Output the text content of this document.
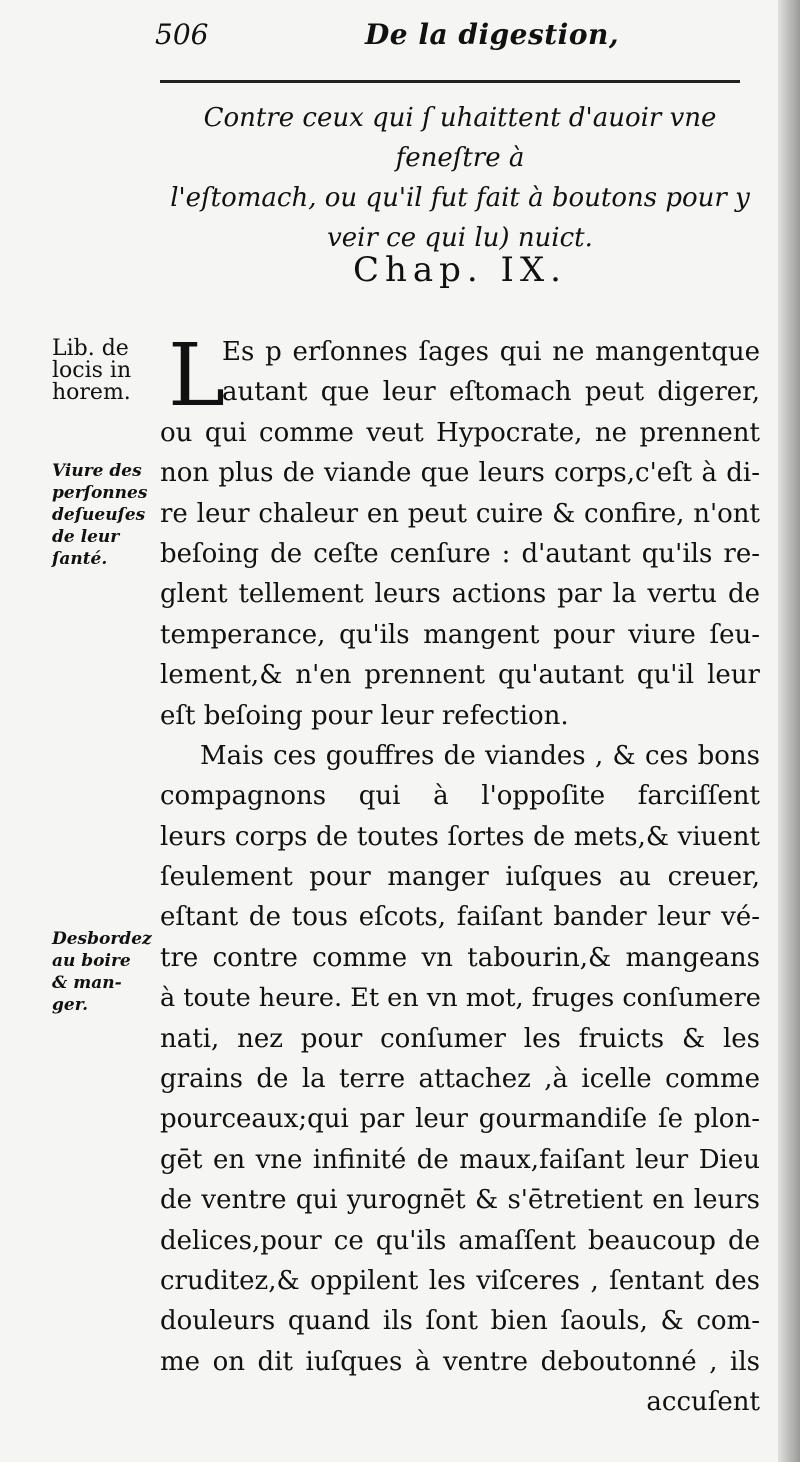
506	De la digestion,
Contre ceux qui ſ uhaittent d'auoir vne feneſtre à
l'eſtomach, ou qu'il fut fait à boutons pour y
veir ce qui lu) nuict.
Chap. IX.
Lib. de
locis in
horem.
Viure des
perſonnes
deſueuſes
de leur
ſanté.
Desbordez
au boire
& man-
ger.
L
Es p erſonnes ſages qui ne mangentque
autant que leur eſtomach peut digerer,
ou qui comme veut Hypocrate, ne prennent
non plus de viande que leurs corps,c'eſt à di-
re leur chaleur en peut cuire & confire, n'ont
beſoing de ceſte cenſure : d'autant qu'ils re-
glent tellement leurs actions par la vertu de
temperance, qu'ils mangent pour viure ſeu-
lement,& n'en prennent qu'autant qu'il leur
eſt beſoing pour leur refection.
Mais ces gouffres de viandes , & ces bons
compagnons qui à l'oppoſite farciſſent
leurs corps de toutes ſortes de mets,& viuent
ſeulement pour manger iuſques au creuer,
eſtant de tous eſcots, faiſant bander leur vé-
tre contre comme vn tabourin,& mangeans
à toute heure. Et en vn mot, fruges conſumere
nati, nez pour conſumer les fruicts & les
grains de la terre attachez ,à icelle comme
pourceaux;qui par leur gourmandiſe ſe plon-
gēt en vne infinité de maux,faiſant leur Dieu
de ventre qui yurognēt & s'ētretient en leurs
delices,pour ce qu'ils amaſſent beaucoup de
cruditez,& oppilent les viſceres , ſentant des
douleurs quand ils ſont bien ſaouls, & com-
me on dit iuſques à ventre deboutonné , ils
accuſent
